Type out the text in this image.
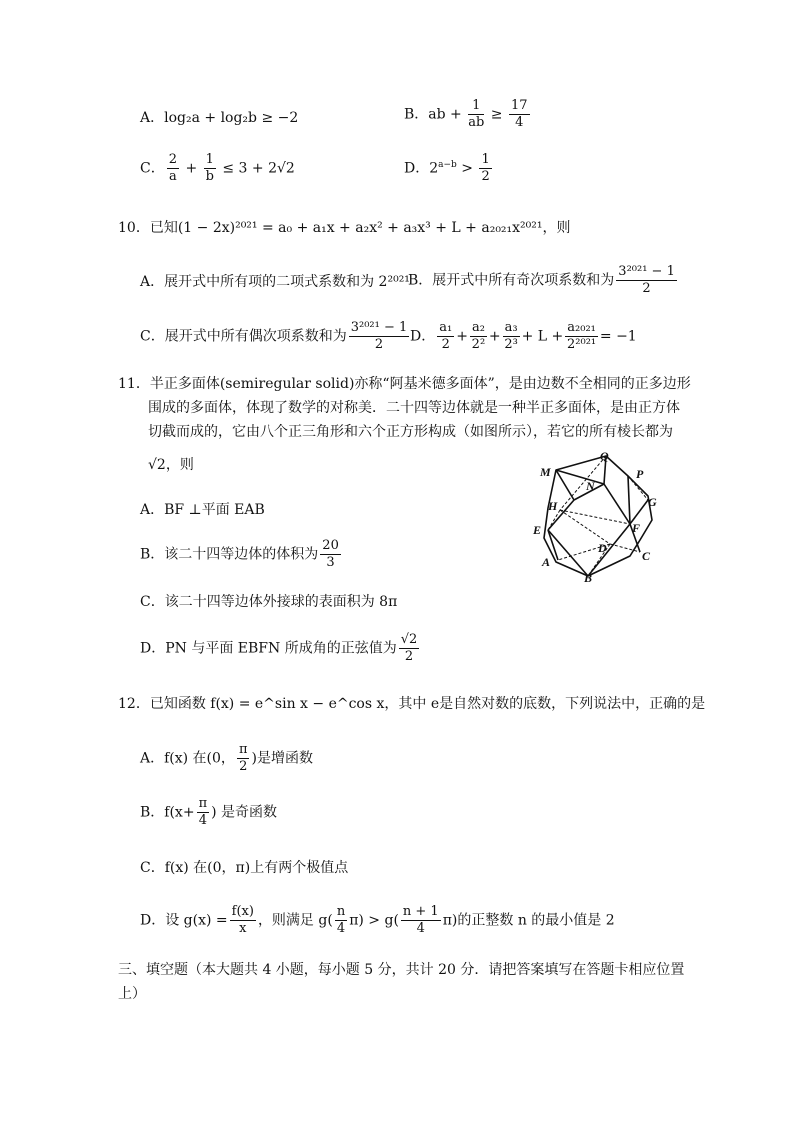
A．log₂a + log₂b ≥ −2	B．ab + $\frac{1}{ab} \ge \frac{17}{4}$
C． $\frac{2}{a} + \frac{1}{b} \le 3 + 2√2$	D．$2^{a-b} > \frac{1}{2}$
10．已知(1 − 2x)²⁰²¹ = a₀ + a₁x + a₂x² + a₃x³ + L + a₂₀₂₁x²⁰²¹，则
A．展开式中所有项的二项式系数和为 2²⁰²¹
B．展开式中所有奇次项系数和为 $\frac{\text{3²⁰²¹ − 1}}{2}$
C．展开式中所有偶次项系数和为 $\frac{\text{3²⁰²¹ − 1}}{2}$ D． $\frac{\text{a₁}}{2} + \frac{\text{a₂}}{\text{2²}} + \frac{\text{a₃}}{\text{2³}} + L + \frac{\text{a₂₀₂₁}}{\text{2²⁰²¹}} = -1$
11．半正多面体(semiregular solid)亦称“阿基米德多面体”，是由边数不全相同的正多边形
围成的多面体，体现了数学的对称美．二十四等边体就是一种半正多面体，是由正方体
切截而成的，它由八个正三角形和六个正方形构成（如图所示），若它的所有棱长都为
√2，则
A．BF ⊥平面 EAB
B．该二十四等边体的体积为 $\frac{20}{3}$
C．该二十四等边体外接球的表面积为 8π
D．PN 与平面 EBFN 所成角的正弦值为 $\frac{√2}{2}$
M
Q
P
N
G
H
E	F
D
A
B
C
12．已知函数 f(x) = e^sin x − e^cos x，其中 e是自然对数的底数，下列说法中，正确的是
A．f(x) 在(0， $\frac{\pi}{2}$ )是增函数
B．$f(x+ \frac{\pi}{4}$ ) 是奇函数
C．f(x) 在(0，π)上有两个极值点
D．设 $g(x) = \frac{f(x)}{x}$ ，则满足 $g( \frac{n}{4} \pi) > g( \frac{n + 1}{4} \pi)$的正整数 n 的最小值是 2
三、填空题（本大题共 4 小题，每小题 5 分，共计 20 分．请把答案填写在答题卡相应位置
上）
